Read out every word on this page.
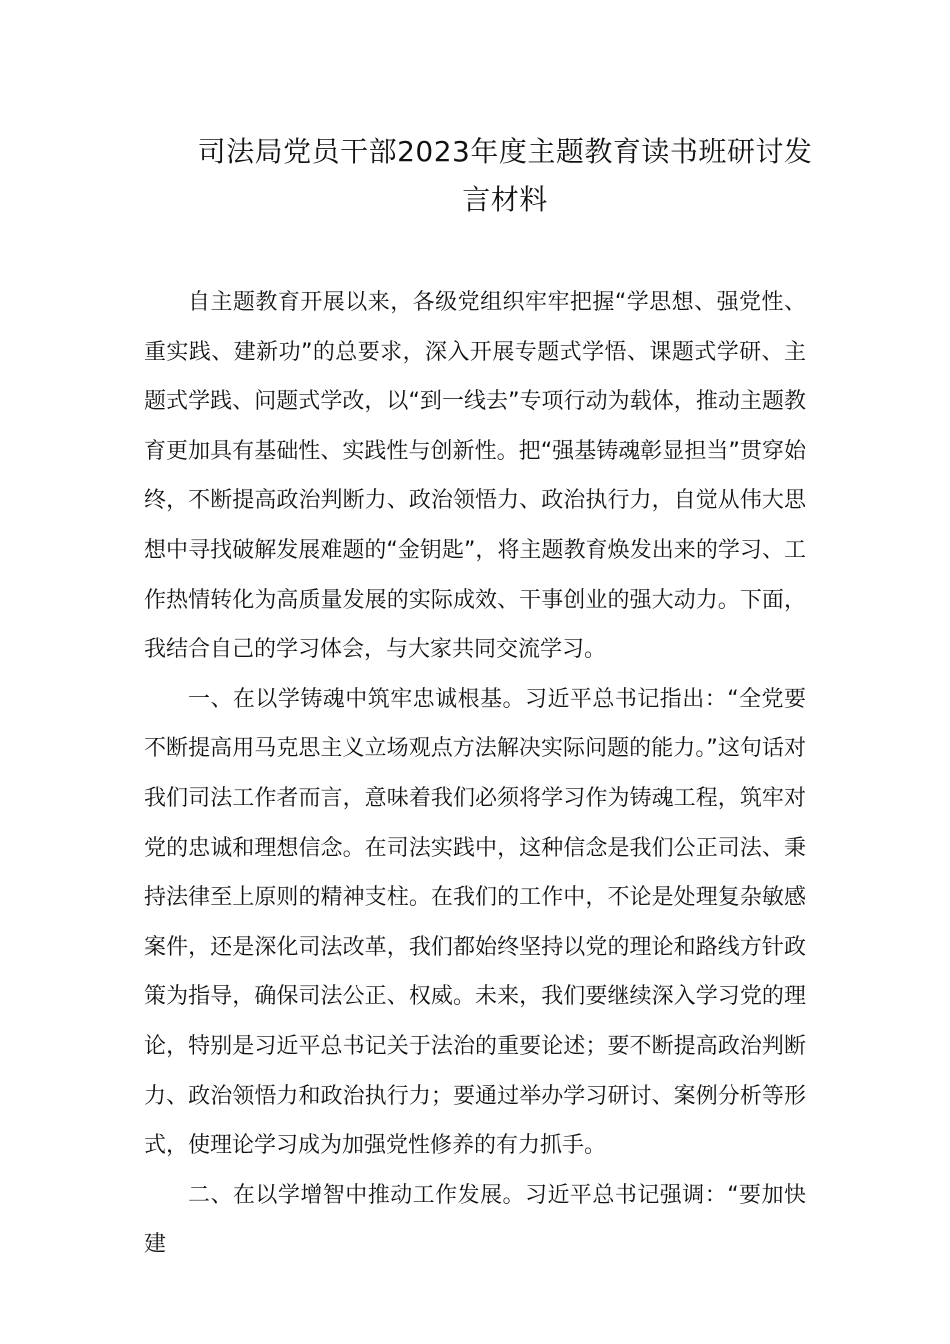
司法局党员干部2023年度主题教育读书班研讨发言材料

自主题教育开展以来，各级党组织牢牢把握“学思想、强党性、重实践、建新功”的总要求，深入开展专题式学悟、课题式学研、主题式学践、问题式学改，以“到一线去”专项行动为载体，推动主题教育更加具有基础性、实践性与创新性。把“强基铸魂彰显担当”贯穿始终，不断提高政治判断力、政治领悟力、政治执行力，自觉从伟大思想中寻找破解发展难题的“金钥匙”，将主题教育焕发出来的学习、工作热情转化为高质量发展的实际成效、干事创业的强大动力。下面，我结合自己的学习体会，与大家共同交流学习。

一、在以学铸魂中筑牢忠诚根基。习近平总书记指出：“全党要不断提高用马克思主义立场观点方法解决实际问题的能力。”这句话对我们司法工作者而言，意味着我们必须将学习作为铸魂工程，筑牢对党的忠诚和理想信念。在司法实践中，这种信念是我们公正司法、秉持法律至上原则的精神支柱。在我们的工作中，不论是处理复杂敏感案件，还是深化司法改革，我们都始终坚持以党的理论和路线方针政策为指导，确保司法公正、权威。未来，我们要继续深入学习党的理论，特别是习近平总书记关于法治的重要论述；要不断提高政治判断力、政治领悟力和政治执行力；要通过举办学习研讨、案例分析等形式，使理论学习成为加强党性修养的有力抓手。

二、在以学增智中推动工作发展。习近平总书记强调：“要加快建
